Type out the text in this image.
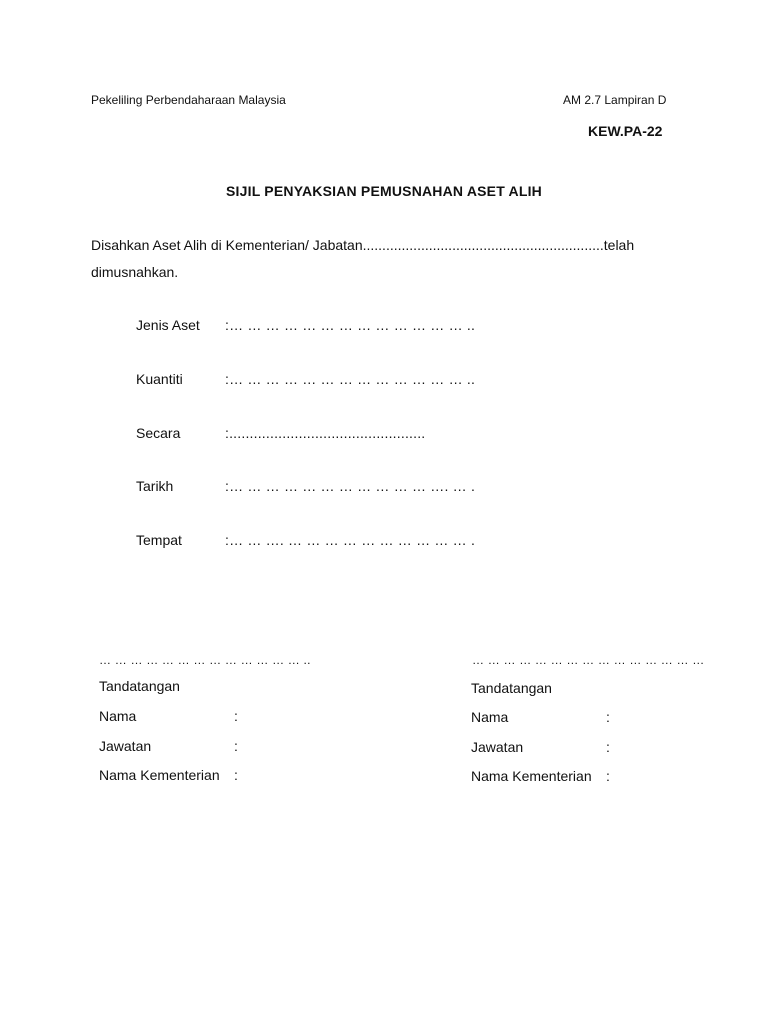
Pekeliling Perbendaharaan Malaysia	AM 2.7 Lampiran D
KEW.PA-22
SIJIL PENYAKSIAN PEMUSNAHAN ASET ALIH
Disahkan Aset Alih di Kementerian/ Jabatan..............................................................telah
dimusnahkan.
Jenis Aset :… … … … … … … … … … … … … ..
Kuantiti	:… … … … … … … … … … … … … ..
Secara	:................................................
Tarikh	:… … … … … … … … … … … …. … .
Tempat	:… … …. … … … … … … … … … … .
… … … … … … … … … … … … … ..
Tandatangan
Nama	:
Jawatan	:
Nama Kementerian :
… … … … … … … … … … … … … … …
Tandatangan
Nama	:
Jawatan	:
Nama Kementerian :
